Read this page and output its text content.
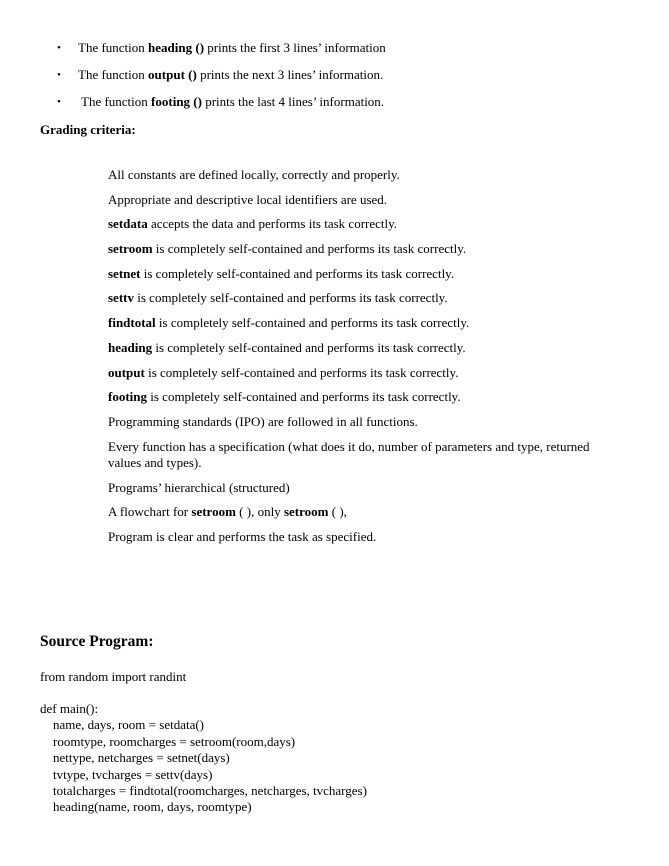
• The function heading () prints the first 3 lines’ information
• The function output () prints the next 3 lines’ information.
• The function footing () prints the last 4 lines’ information.
Grading criteria:
All constants are defined locally, correctly and properly.
Appropriate and descriptive local identifiers are used.
setdata accepts the data and performs its task correctly.
setroom is completely self-contained and performs its task correctly.
setnet is completely self-contained and performs its task correctly.
settv is completely self-contained and performs its task correctly.
findtotal is completely self-contained and performs its task correctly.
heading is completely self-contained and performs its task correctly.
output is completely self-contained and performs its task correctly.
footing is completely self-contained and performs its task correctly.
Programming standards (IPO) are followed in all functions.
Every function has a specification (what does it do, number of parameters and type, returned values and types).
Programs’ hierarchical (structured)
A flowchart for setroom ( ), only setroom ( ),
Program is clear and performs the task as specified.
Source Program:
from random import randint
def main():
name, days, room = setdata()
roomtype, roomcharges = setroom(room,days)
nettype, netcharges = setnet(days)
tvtype, tvcharges = settv(days)
totalcharges = findtotal(roomcharges, netcharges, tvcharges)
heading(name, room, days, roomtype)
